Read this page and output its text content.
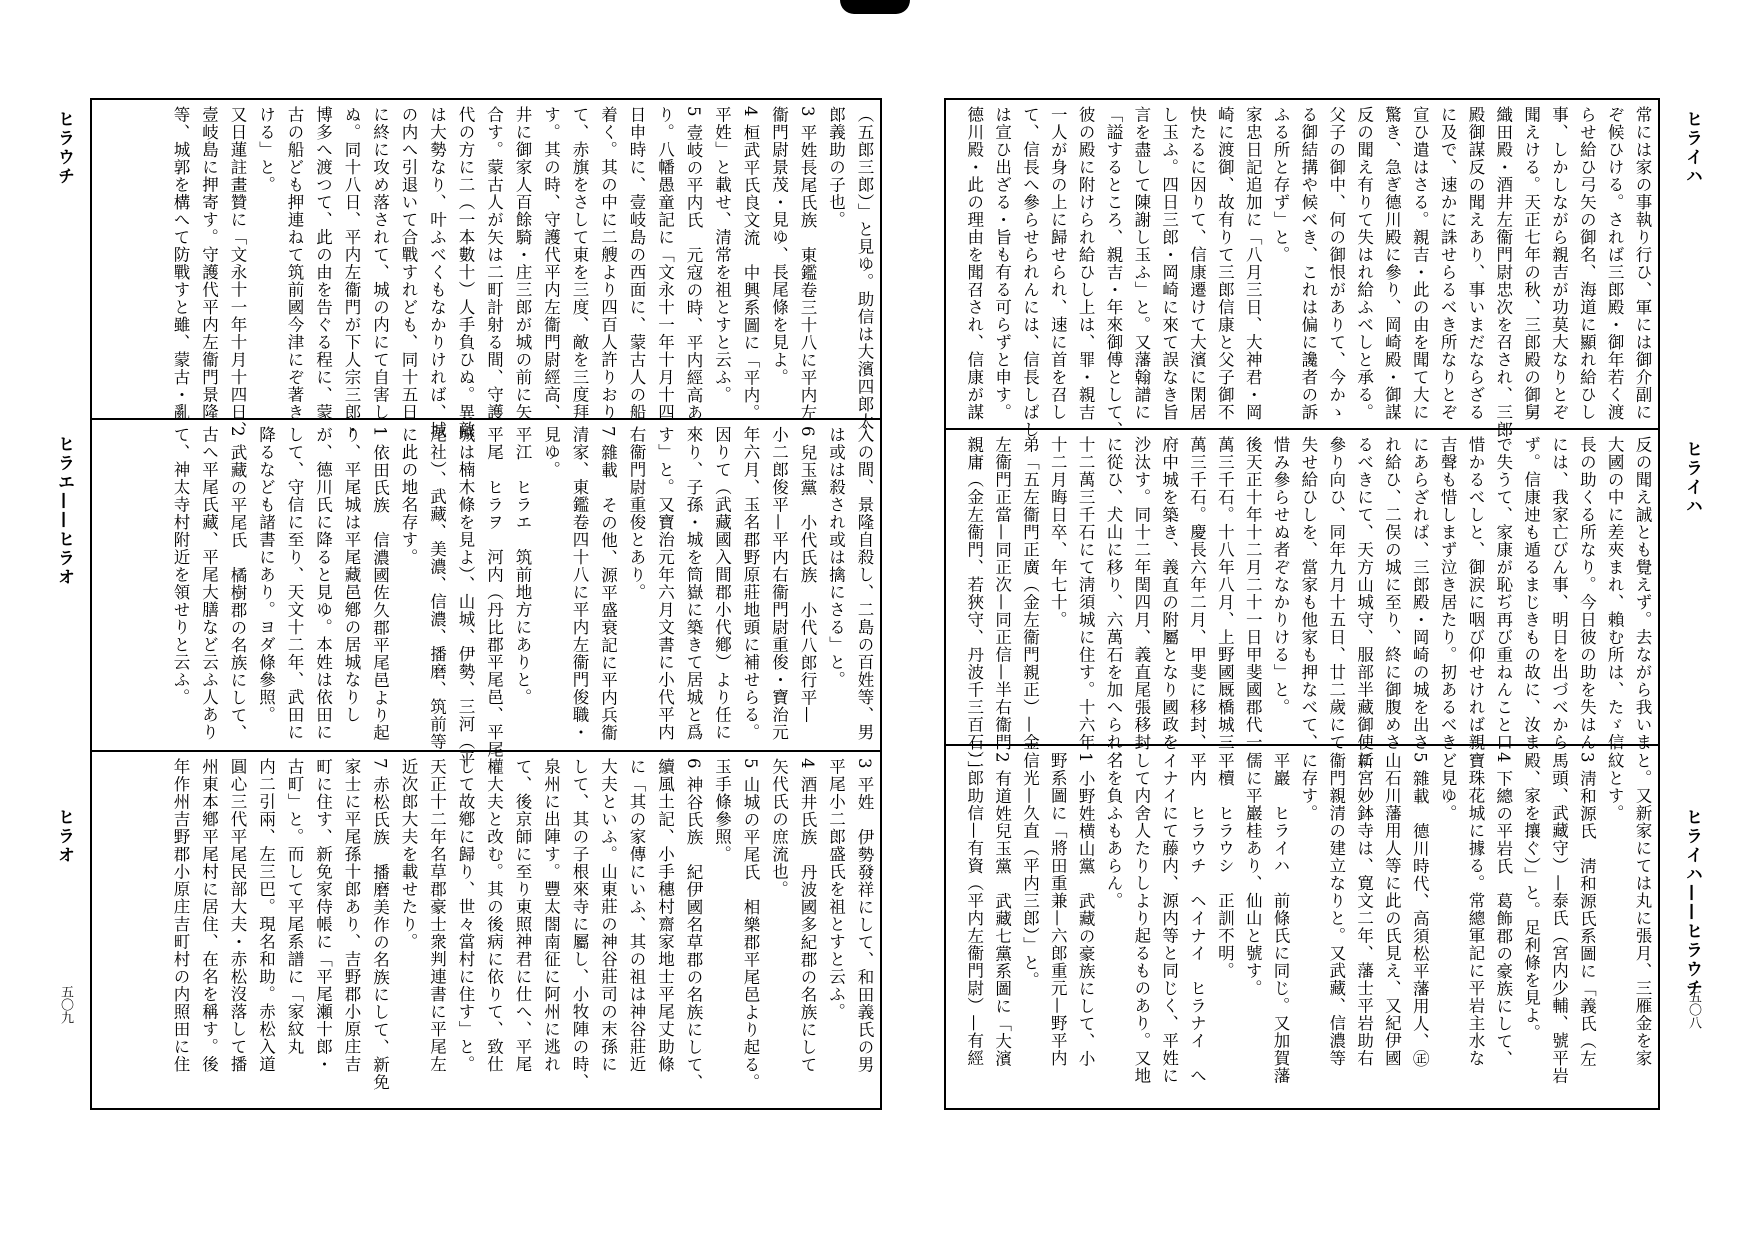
（五郎三郎）」と見ゆ。助信は大濱四郎太
郎義助の子也。
3 平姓長尾氏族　東鑑卷三十八に平内左
衞門尉景茂・見ゆ、長尾條を見よ。
4 桓武平氏良文流　中興系圖に「平内。
平姓」と載せ、清常を祖とすと云ふ。
5 壹岐の平内氏　元寇の時、平内經高あ
り。八幡愚童記に「文永十一年十月十四
日申時に、壹岐島の西面に、蒙古人の船
着く。其の中に二艘より四百人許りおり
て、赤旗をさして東を三度、敵を三度拜
す。其の時、守護代平内左衞門尉經高、
井に御家人百餘騎・庄三郎が城の前に矢
合す。蒙古人が矢は二町計射る間、守護
代の方に二（一本數十）人手負ひぬ。異敵
は大勢なり、叶ふべくもなかりければ、城
の内へ引退いて合戰すれども、同十五日
に終に攻め落されて、城の内にて自害し
ぬ。同十八日、平内左衞門が下人宗三郎・
博多へ渡つて、此の由を告ぐる程に、蒙
古の船ども押連ねて筑前國今津にぞ著き
ける」と。
又日蓮註畫贊に「文永十一年十月十四日、
壹岐島に押寄す。守護代平内左衞門景隆
等、城郭を構へて防戰すと雖、蒙古・亂
入の間、景隆自殺し、二島の百姓等、男
は或は殺され或は擒にさる」と。
6 兒玉黨　小代氏族　小代八郎行平—
小二郎俊平—平内右衞門尉重俊・寶治元
年六月、玉名郡野原莊地頭に補せらる。
因りて（武藏國入間郡小代鄕）より任に
來り、子孫・城を筒嶽に築きて居城と爲
す」と。又寶治元年六月文書に小代平内
右衞門尉重俊とあり。
7 雜載　その他、源平盛衰記に平内兵衞
清家、東鑑卷四十八に平内左衞門俊職・
見ゆ。
平江　ヒラエ　筑前地方にありと。
平尾　ヒラヲ　河内（丹比郡平尾邑、平尾
城は楠木條を見よ）、山城、伊勢、三河（平
尾社）、武藏、美濃、信濃、播磨、筑前等
に此の地名存す。
1 依田氏族　信濃國佐久郡平尾邑より起
り、平尾城は平尾藏邑鄕の居城なりし
が、德川氏に降ると見ゆ。本姓は依田に
して、守信に至り、天文十二年、武田に
降るなども諸書にあり。ヨダ條參照。
2 武藏の平尾氏　橘樹郡の名族にして、
古へ平尾氏藏、平尾大膳など云ふ人あり
て、神太寺村附近を領せりと云ふ。
3 平姓　伊勢發祥にして、和田義氏の男
平尾小二郎盛氏を祖とすと云ふ。
4 酒井氏族　丹波國多紀郡の名族にして
矢代氏の庶流也。
5 山城の平尾氏　相樂郡平尾邑より起る。
玉手條參照。
6 神谷氏族　紀伊國名草郡の名族にして、
續風土記、小手穗村齋家地士平尾丈助條
に「其の家傳にいふ、其の祖は神谷莊近
大夫といふ。山東莊の神谷莊司の末孫に
して、其の子根來寺に屬し、小牧陣の時、
泉州に出陣す。豐太閤南征に阿州に逃れ
て、後京師に至り東照神君に仕へ、平尾
權大夫と改む。其の後病に依りて、致仕
して故鄕に歸り、世々當村に住す」と。
天正十二年名草郡豪士衆判連書に平尾左
近次郎大夫を載せたり。
7 赤松氏族　播磨美作の名族にして、新免
家士に平尾孫十郎あり、吉野郡小原庄吉
町に住す、新免家侍帳に「平尾瀬十郎・
古町」と。而して平尾系譜に「家紋丸
内二引兩、左三巴。現名和助。赤松入道
圓心三代平尾民部大夫・赤松沒落して播
州東本鄕平尾村に居住、在名を稱す。後
年作州吉野郡小原庄吉町村の内照田に住
ヒラウチ
ヒラエ——ヒラオ
ヒラオ
五〇九
常には家の事執り行ひ、軍には御介副に
ぞ候ひける。されば三郎殿・御年若く渡
らせ給ひ弓矢の御名、海道に顯れ給ひし
事、しかしながら親吉が功莫大なりとぞ
聞えける。天正七年の秋、三郎殿の御舅
織田殿・酒井左衞門尉忠次を召され、三郎
殿御謀反の聞えあり、事いまだならざる
に及で、速かに誅せらるべき所なりとぞ
宣ひ遣はさる。親吉・此の由を聞て大に
驚き、急ぎ德川殿に參り、岡崎殿・御謀
反の聞え有りて失はれ給ふべしと承る。
父子の御中、何の御恨がありて、今かゝ
る御結搆や候べき、これは偏に讒者の訴
ふる所と存ず」と。
家忠日記追加に「八月三日、大神君・岡
崎に渡御、故有りて三郎信康と父子御不
快たるに因りて、信康遷けて大濱に閑居
し玉ふ。四日三郎・岡崎に來て誤なき旨
言を盡して陳謝し玉ふ」と。又藩翰譜に
「謚するところ、親吉・年來御傅として、
彼の殿に附けられ給ひし上は、罪・親吉
一人が身の上に歸せられ、速に首を召し
て、信長へ參らせられんには、信長しばし
は宣ひ出ざる・旨も有る可らずと申す。
德川殿・此の理由を聞召され、信康が謀
反の聞え誠とも覺えず。去ながら我いま
大國の中に差夾まれ、賴む所は、たゞ信
長の助くる所なり。今日彼の助を失はん
には、我家亡びん事、明日を出づべから
ず。信康迚も遁るまじきもの故に、汝ま
で失うて、家康が恥ぢ再び重ねんこと口
惜かるべしと、御涙に咽び仰せければ親
吉聲も惜しまず泣き居たり。扨あるべき
にあらざれば、三郎殿・岡崎の城を出さ
れ給ひ、二俣の城に至り、終に御腹めさ
るべきにて、天方山城守、服部半藏御使に
參り向ひ、同年九月十五日、廿二歲にて
失せ給ひしを、當家も他家も押なべて、
惜み參らせぬ者ぞなかりける」と。
後天正十年十二月二十一日甲斐國郡代一
萬三千石。十八年八月、上野國厩橋城三
萬三千石。慶長六年二月、甲斐に移封、
府中城を築き、義直の附屬となり國政を
沙汰す。同十二年閏四月、義直尾張移封
に從ひ、犬山に移り、六萬石を加へられ、
十二萬三千石にて淸須城に住す。十六年
十二月晦日卒、年七十。
弟「五左衞門正廣（金左衞門親正）—金
左衞門正當—同正次—同正信—半右衞門
親庸（金左衞門、若狹守、丹波千三百石）」
と。又新家にては丸に張月、三雁金を家
紋とす。
3 淸和源氏　淸和源氏系圖に「義氏（左
馬頭、武藏守）—泰氏（宮内少輔、號平岩
殿、家を攘ぐ）」と。足利條を見よ。
4 下總の平岩氏　葛飾郡の豪族にして、
寶珠花城に據る。常總軍記に平岩主水な
ど見ゆ。
5 雜載　德川時代、高須松平藩用人、㊣
山石川藩用人等に此の氏見え、又紀伊國
新宮妙鉢寺は、寛文二年、藩士平岩助右
衞門親清の建立なりと。又武藏、信濃等
に存す。
平巖　ヒライハ　前條氏に同じ。又加賀藩
儒に平巖桂あり、仙山と號す。
平櫝　ヒラウシ　正訓不明。
平内　ヒラウチ　ヘイナイ　ヒラナイ　へ
イナイにて藤内、源内等と同じく、平姓に
して内舍人たりしより起るものあり。又地
名を負ふもあらん。
1 小野姓横山黨　武藏の豪族にして、小
野系圖に「將田重兼—六郎重元—野平内
信光—久直（平内三郎）」と。
2 有道姓兒玉黨　武藏七黨系圖に「大濱
二郎助信—有資（平内左衞門尉）—有經
ヒライハ
ヒライハ
ヒライハ——ヒラウチ
五〇八
